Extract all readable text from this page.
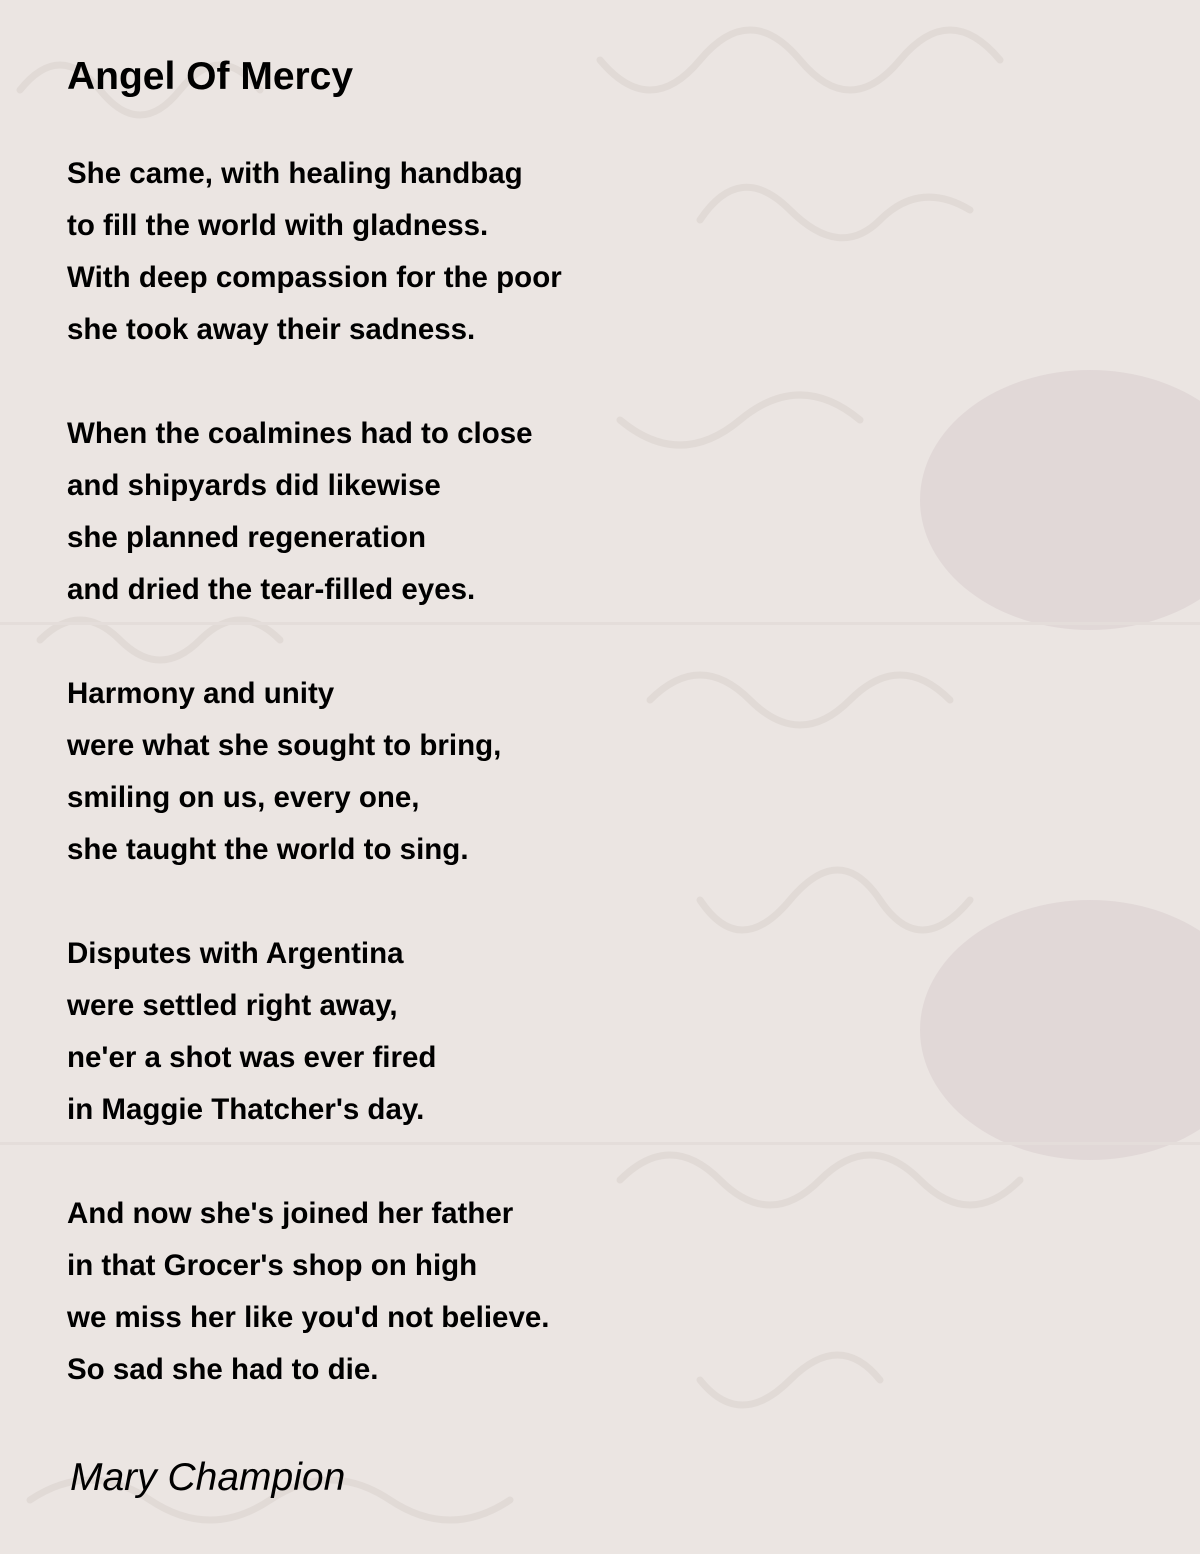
Angel Of Mercy
She came, with healing handbag
to fill the world with gladness.
With deep compassion for the poor
she took away their sadness.
When the coalmines had to close
and shipyards did likewise
she planned regeneration
and dried the tear-filled eyes.
Harmony and unity
were what she sought to bring,
smiling on us, every one,
she taught the world to sing.
Disputes with Argentina
were settled right away,
ne'er a shot was ever fired
in Maggie Thatcher's day.
And now she's joined her father
in that Grocer's shop on high
we miss her like you'd not believe.
So sad she had to die.

Mary Champion
